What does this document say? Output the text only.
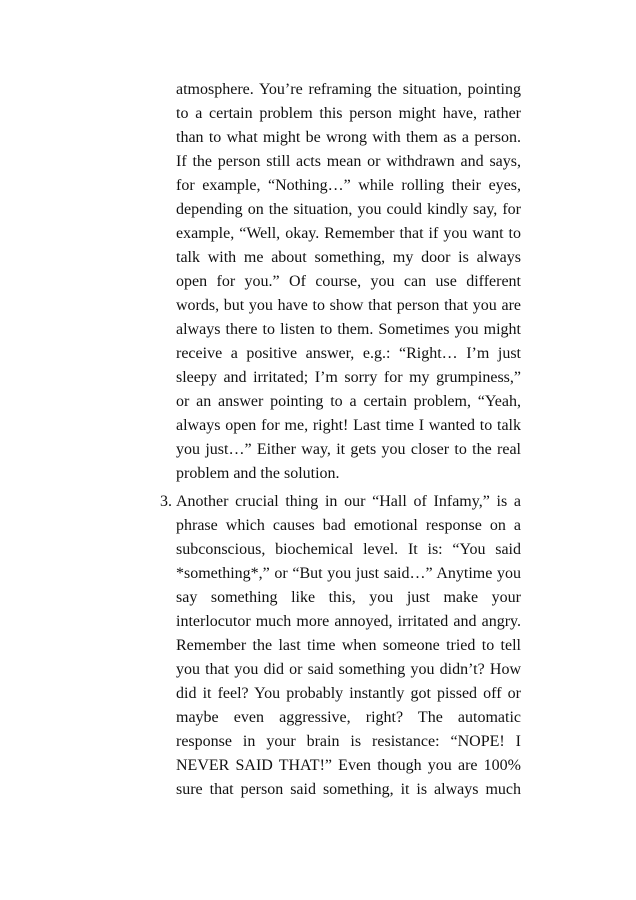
atmosphere. You’re reframing the situation, pointing
to a certain problem this person might have, rather
than to what might be wrong with them as a person.
If the person still acts mean or withdrawn and says,
for example, “Nothing…” while rolling their eyes,
depending on the situation, you could kindly say, for
example, “Well, okay. Remember that if you want to
talk with me about something, my door is always
open for you.” Of course, you can use different
words, but you have to show that person that you are
always there to listen to them. Sometimes you might
receive a positive answer, e.g.: “Right… I’m just
sleepy and irritated; I’m sorry for my grumpiness,”
or an answer pointing to a certain problem, “Yeah,
always open for me, right! Last time I wanted to talk
you just…” Either way, it gets you closer to the real
problem and the solution.
3. Another crucial thing in our “Hall of Infamy,” is a
phrase which causes bad emotional response on a
subconscious, biochemical level. It is: “You said
*something*,” or “But you just said…” Anytime you
say something like this, you just make your
interlocutor much more annoyed, irritated and angry.
Remember the last time when someone tried to tell
you that you did or said something you didn’t? How
did it feel? You probably instantly got pissed off or
maybe even aggressive, right? The automatic
response in your brain is resistance: “NOPE! I
NEVER SAID THAT!” Even though you are 100%
sure that person said something, it is always much
